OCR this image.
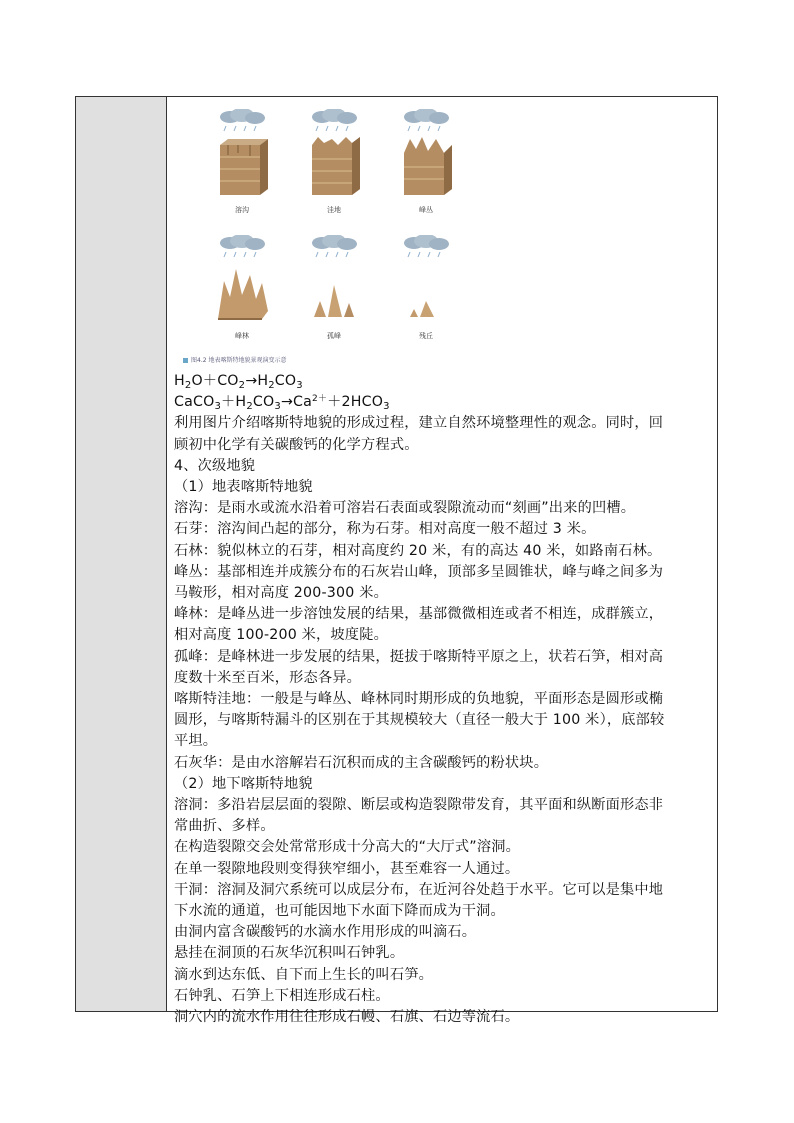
溶沟	洼地	峰丛
峰林	孤峰	残丘
图4.2 地表喀斯特地貌景观演变示意
$H_2O+CO_2\to H_2CO_3$
$CaCO_3+H_2CO_3\to Ca^{2+}+2HCO_3$
利用图片介绍喀斯特地貌的形成过程，建立自然环境整理性的观念。同时，回
顾初中化学有关碳酸钙的化学方程式。
4、次级地貌
（1）地表喀斯特地貌
溶沟：是雨水或流水沿着可溶岩石表面或裂隙流动而“刻画”出来的凹槽。
石芽：溶沟间凸起的部分，称为石芽。相对高度一般不超过 3 米。
石林：貌似林立的石芽，相对高度约 20 米，有的高达 40 米，如路南石林。
峰丛：基部相连并成簇分布的石灰岩山峰，顶部多呈圆锥状，峰与峰之间多为
马鞍形，相对高度 200-300 米。
峰林：是峰丛进一步溶蚀发展的结果，基部微微相连或者不相连，成群簇立，
相对高度 100-200 米，坡度陡。
孤峰：是峰林进一步发展的结果，挺拔于喀斯特平原之上，状若石笋，相对高
度数十米至百米，形态各异。
喀斯特洼地：一般是与峰丛、峰林同时期形成的负地貌，平面形态是圆形或椭
圆形，与喀斯特漏斗的区别在于其规模较大（直径一般大于 100 米），底部较
平坦。
石灰华：是由水溶解岩石沉积而成的主含碳酸钙的粉状块。
（2）地下喀斯特地貌
溶洞：多沿岩层层面的裂隙、断层或构造裂隙带发育，其平面和纵断面形态非
常曲折、多样。
在构造裂隙交会处常常形成十分高大的“大厅式”溶洞。
在单一裂隙地段则变得狭窄细小，甚至难容一人通过。
干洞：溶洞及洞穴系统可以成层分布，在近河谷处趋于水平。它可以是集中地
下水流的通道，也可能因地下水面下降而成为干洞。
由洞内富含碳酸钙的水滴水作用形成的叫滴石。
悬挂在洞顶的石灰华沉积叫石钟乳。
滴水到达东低、自下而上生长的叫石笋。
石钟乳、石笋上下相连形成石柱。
洞穴内的流水作用往往形成石幔、石旗、石边等流石。
